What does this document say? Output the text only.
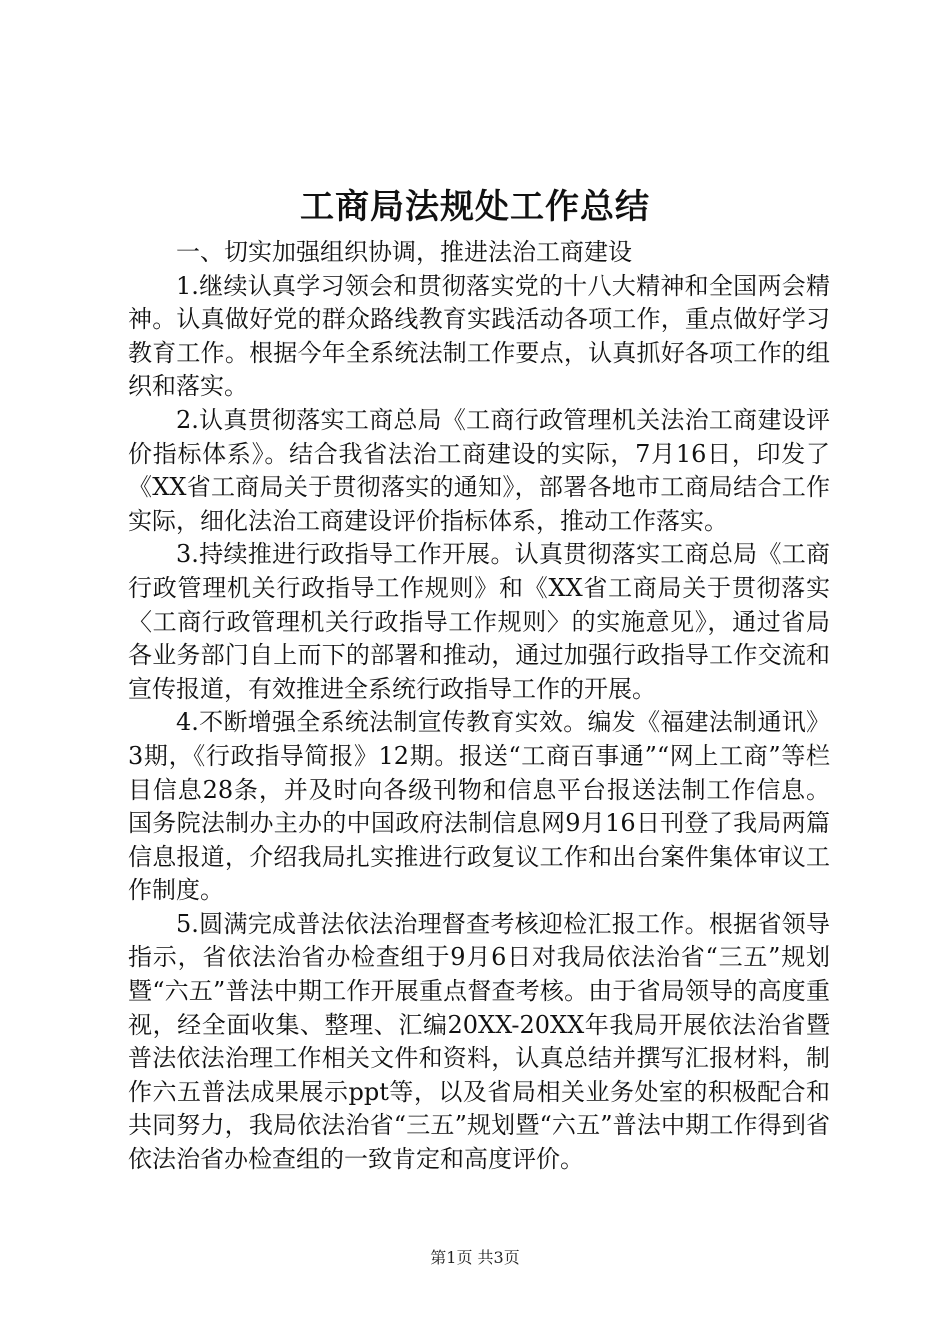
工商局法规处工作总结

一、切实加强组织协调，推进法治工商建设

1.继续认真学习领会和贯彻落实党的十八大精神和全国两会精神。认真做好党的群众路线教育实践活动各项工作，重点做好学习教育工作。根据今年全系统法制工作要点，认真抓好各项工作的组织和落实。

2.认真贯彻落实工商总局《工商行政管理机关法治工商建设评价指标体系》。结合我省法治工商建设的实际，7月16日，印发了《XX省工商局关于贯彻落实的通知》，部署各地市工商局结合工作实际，细化法治工商建设评价指标体系，推动工作落实。

3.持续推进行政指导工作开展。认真贯彻落实工商总局《工商行政管理机关行政指导工作规则》和《XX省工商局关于贯彻落实〈工商行政管理机关行政指导工作规则〉的实施意见》，通过省局各业务部门自上而下的部署和推动，通过加强行政指导工作交流和宣传报道，有效推进全系统行政指导工作的开展。

4.不断增强全系统法制宣传教育实效。编发《福建法制通讯》3期，《行政指导简报》12期。报送“工商百事通”“网上工商”等栏目信息28条，并及时向各级刊物和信息平台报送法制工作信息。国务院法制办主办的中国政府法制信息网9月16日刊登了我局两篇信息报道，介绍我局扎实推进行政复议工作和出台案件集体审议工作制度。

5.圆满完成普法依法治理督查考核迎检汇报工作。根据省领导指示，省依法治省办检查组于9月6日对我局依法治省“三五”规划暨“六五”普法中期工作开展重点督查考核。由于省局领导的高度重视，经全面收集、整理、汇编20XX-20XX年我局开展依法治省暨普法依法治理工作相关文件和资料，认真总结并撰写汇报材料，制作六五普法成果展示ppt等，以及省局相关业务处室的积极配合和共同努力，我局依法治省“三五”规划暨“六五”普法中期工作得到省依法治省办检查组的一致肯定和高度评价。

第1页 共3页
